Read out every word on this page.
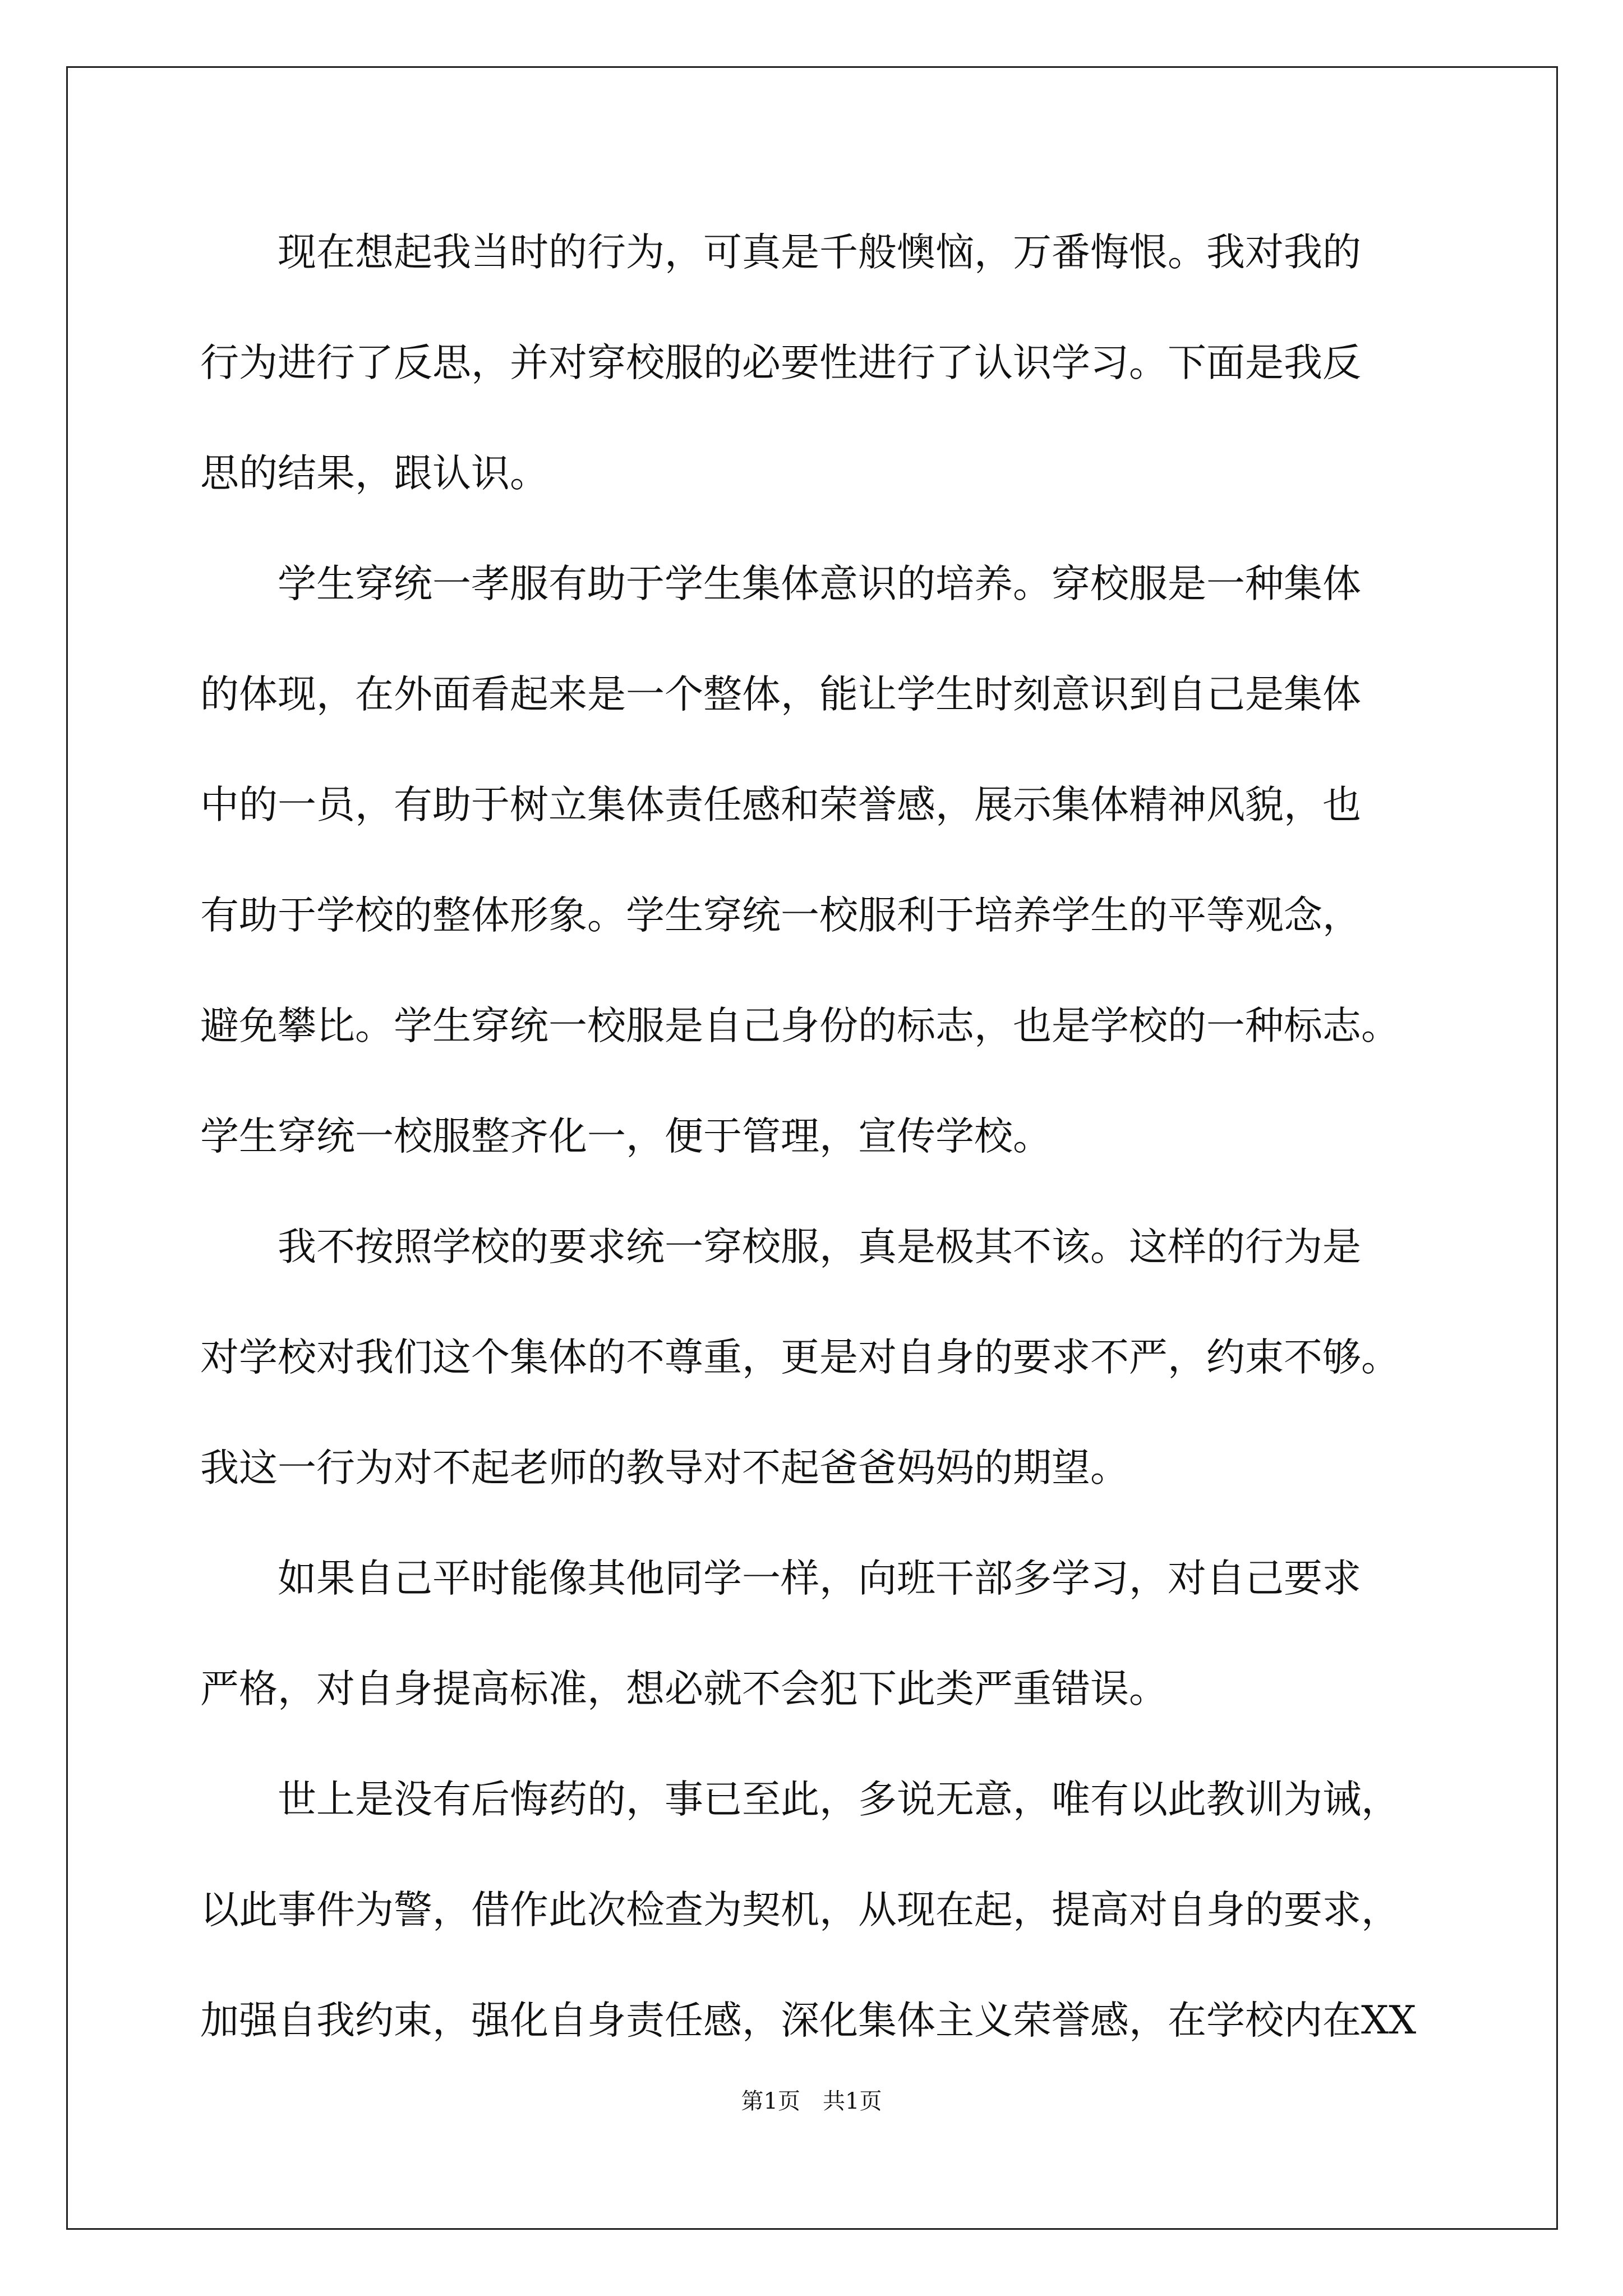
　　现在想起我当时的行为，可真是千般懊恼，万番悔恨。我对我的
行为进行了反思，并对穿校服的必要性进行了认识学习。下面是我反
思的结果，跟认识。
　　学生穿统一孝服有助于学生集体意识的培养。穿校服是一种集体
的体现，在外面看起来是一个整体，能让学生时刻意识到自己是集体
中的一员，有助于树立集体责任感和荣誉感，展示集体精神风貌，也
有助于学校的整体形象。学生穿统一校服利于培养学生的平等观念，
避免攀比。学生穿统一校服是自己身份的标志，也是学校的一种标志。
学生穿统一校服整齐化一，便于管理，宣传学校。
　　我不按照学校的要求统一穿校服，真是极其不该。这样的行为是
对学校对我们这个集体的不尊重，更是对自身的要求不严，约束不够。
我这一行为对不起老师的教导对不起爸爸妈妈的期望。
　　如果自己平时能像其他同学一样，向班干部多学习，对自己要求
严格，对自身提高标准，想必就不会犯下此类严重错误。
　　世上是没有后悔药的，事已至此，多说无意，唯有以此教训为诫，
以此事件为警，借作此次检查为契机，从现在起，提高对自身的要求，
加强自我约束，强化自身责任感，深化集体主义荣誉感，在学校内在XX
第1页　共1页
